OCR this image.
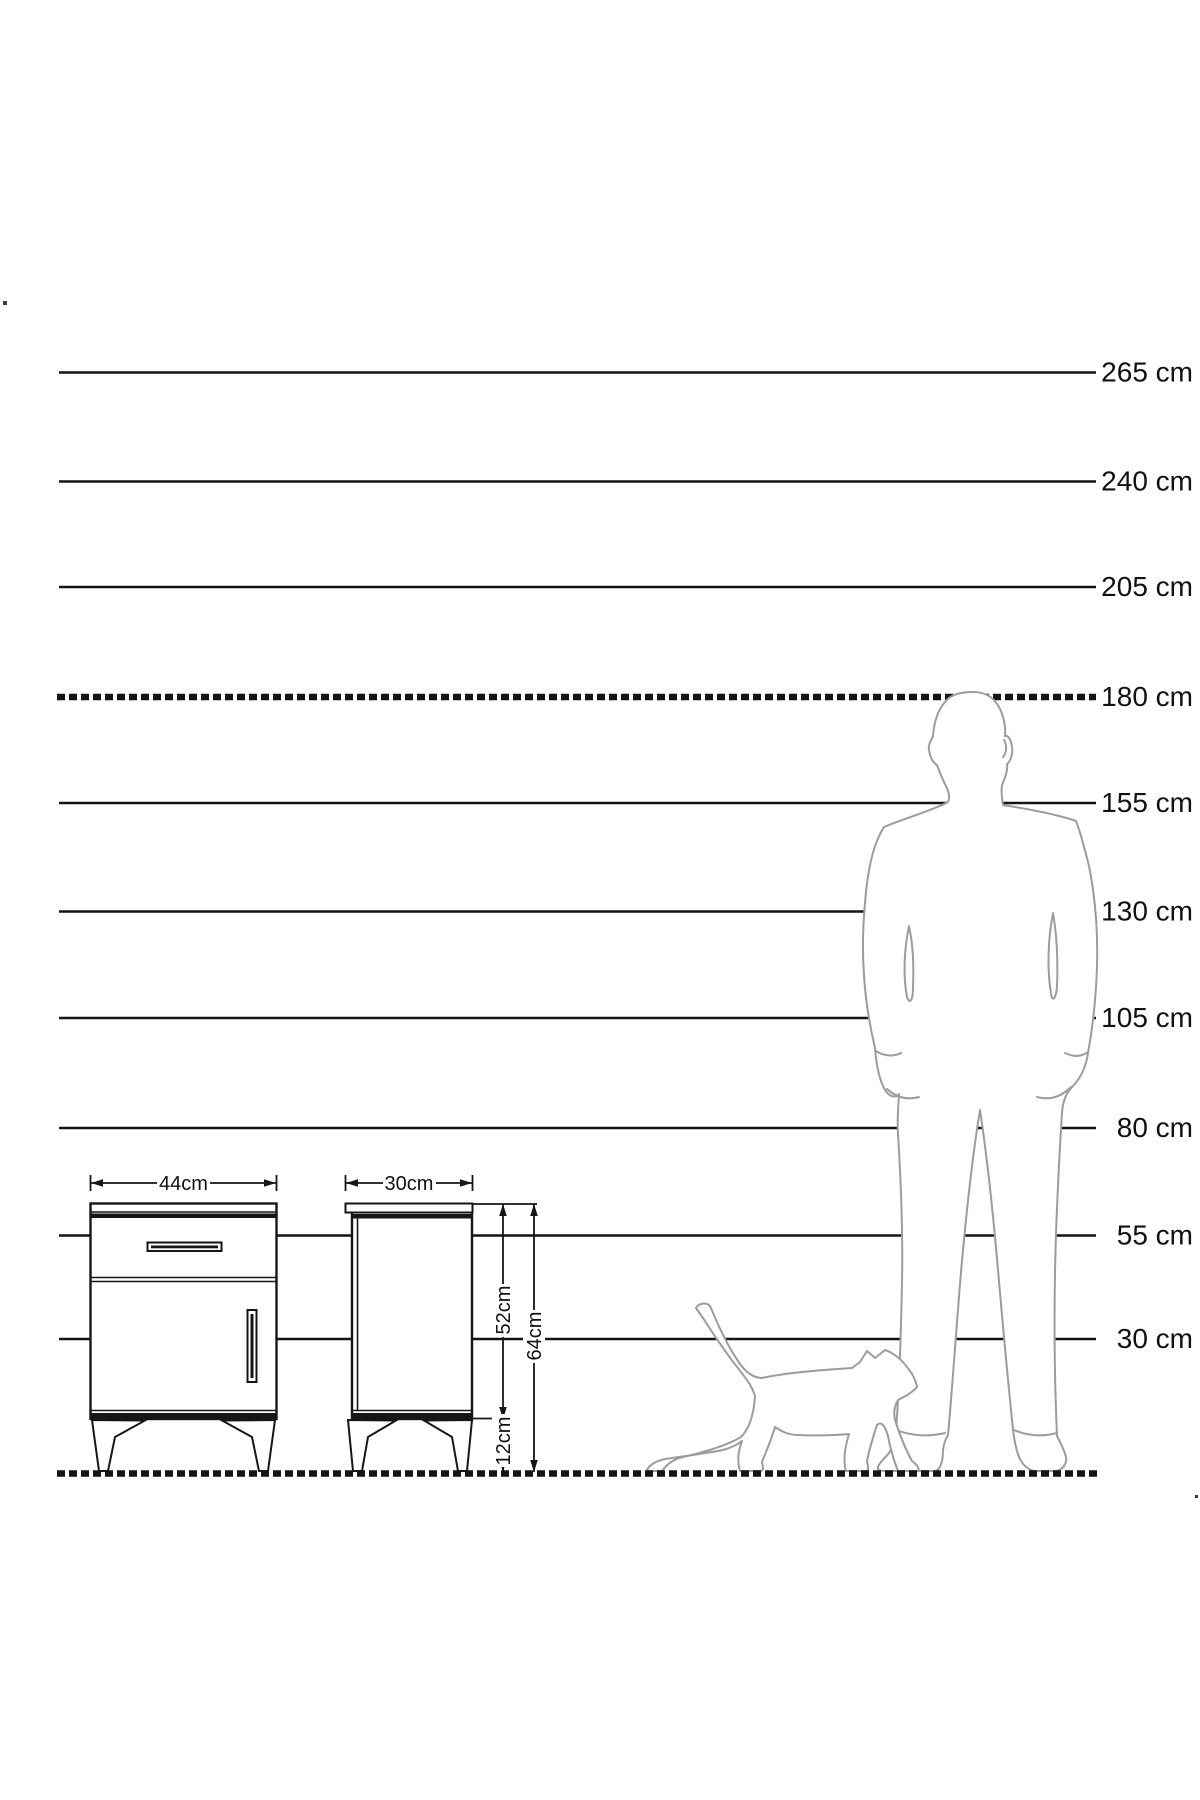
44cm	30cm
52cm
64cm
12cm
265 cm
240 cm
205 cm
180 cm
155 cm
130 cm
105 cm
80 cm
55 cm
30 cm
